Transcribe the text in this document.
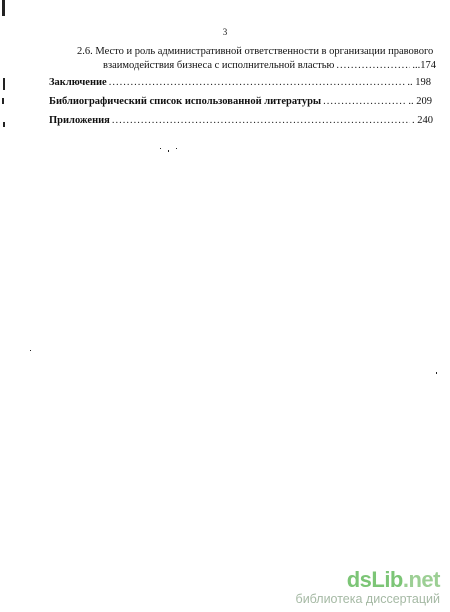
3
2.6. Место и роль административной ответственности в организации правового
взаимодействия бизнеса с исполнительной властью .....	...174
Заключение .....	.. 198
Библиографический список использованной литературы .....	.. 209
Приложения .....	. 240
dsLib.net
библиотека диссертаций
